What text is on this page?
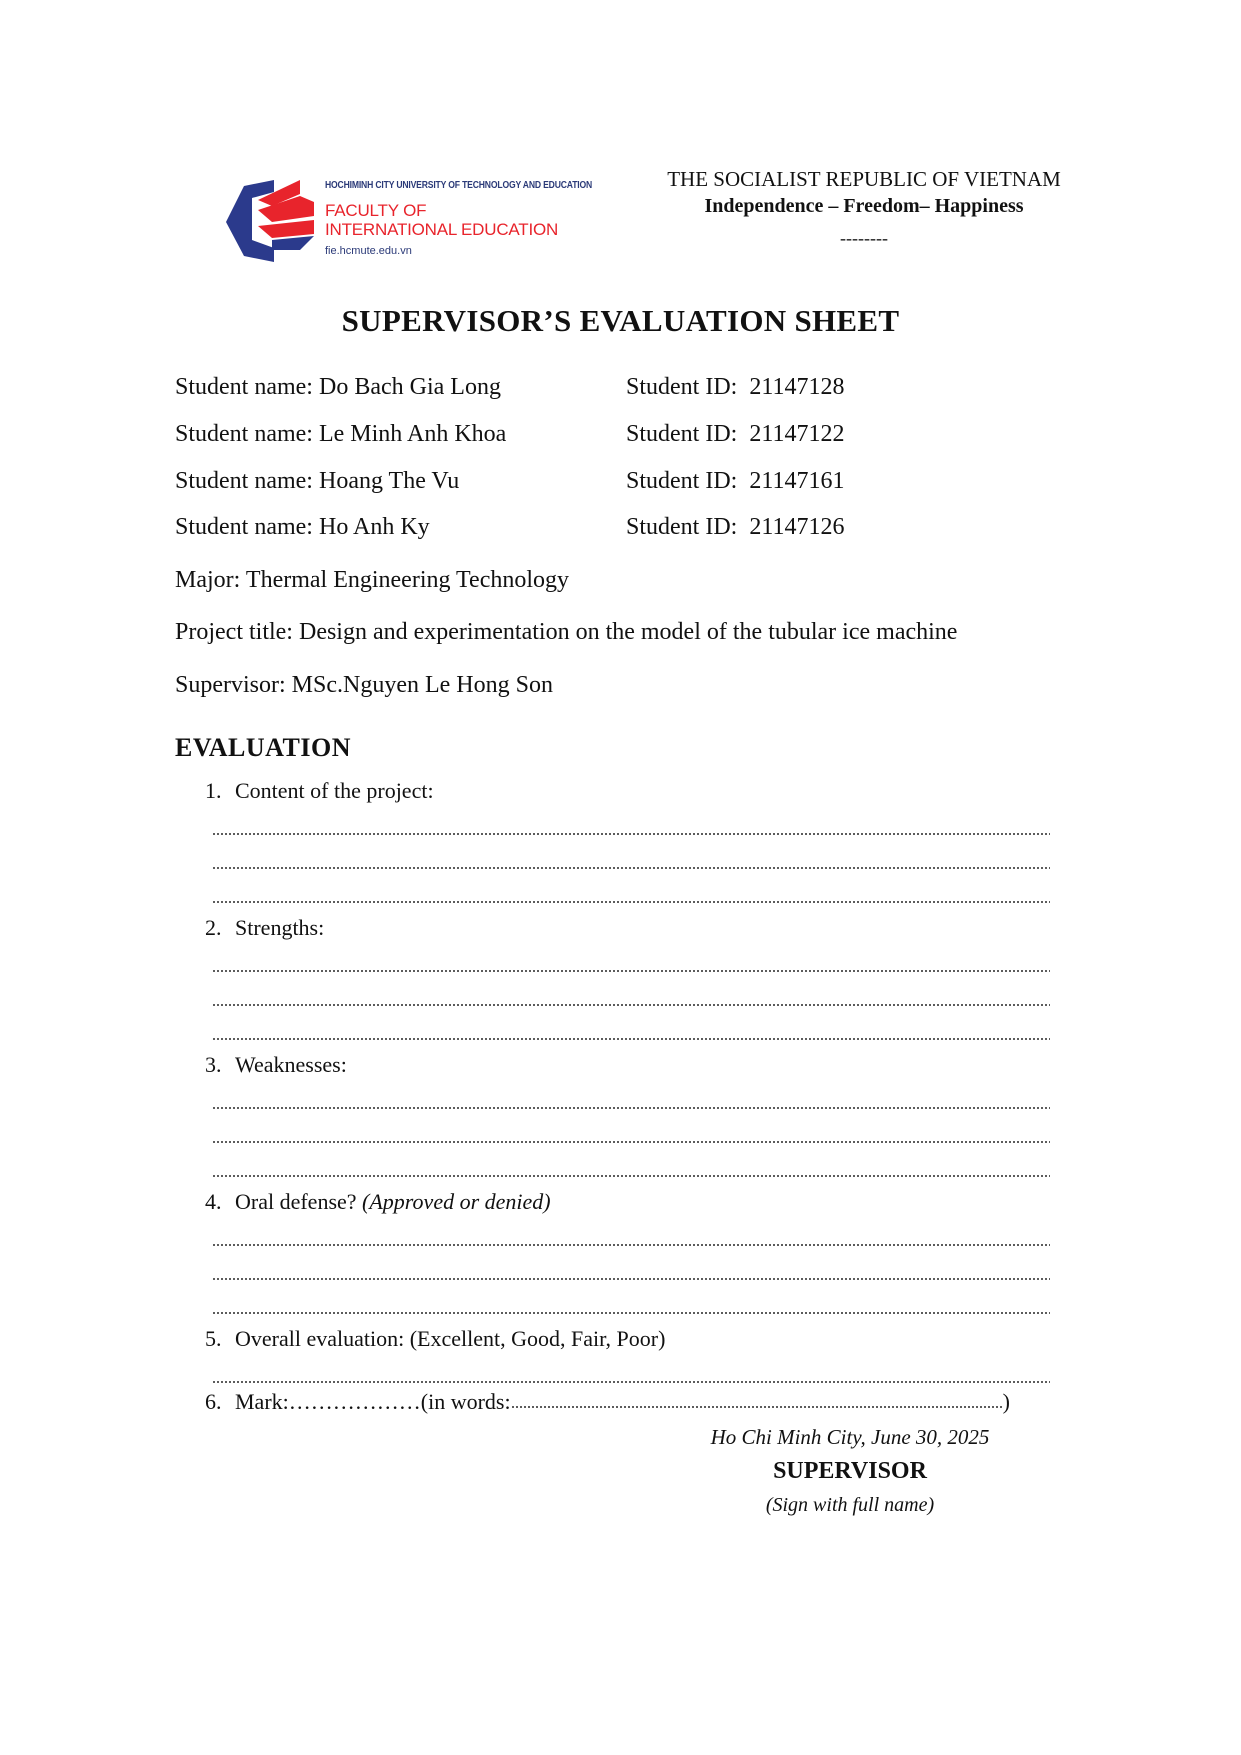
HOCHIMINH CITY UNIVERSITY OF TECHNOLOGY AND EDUCATION
FACULTY OF
INTERNATIONAL EDUCATION
fie.hcmute.edu.vn
THE SOCIALIST REPUBLIC OF VIETNAM
Independence – Freedom– Happiness
--------
SUPERVISOR’S EVALUATION SHEET
Student name: Do Bach Gia Long	Student ID: 21147128
Student name: Le Minh Anh Khoa	Student ID: 21147122
Student name: Hoang The Vu	Student ID: 21147161
Student name: Ho Anh Ky	Student ID: 21147126
Major: Thermal Engineering Technology
Project title: Design and experimentation on the model of the tubular ice machine
Supervisor: MSc.Nguyen Le Hong Son
EVALUATION
1. Content of the project:
2. Strengths:
3. Weaknesses:
4. Oral defense? (Approved or denied)
5. Overall evaluation: (Excellent, Good, Fair, Poor)
6. Mark:………………(in words:	)
Ho Chi Minh City, June 30, 2025
SUPERVISOR
(Sign with full name)
